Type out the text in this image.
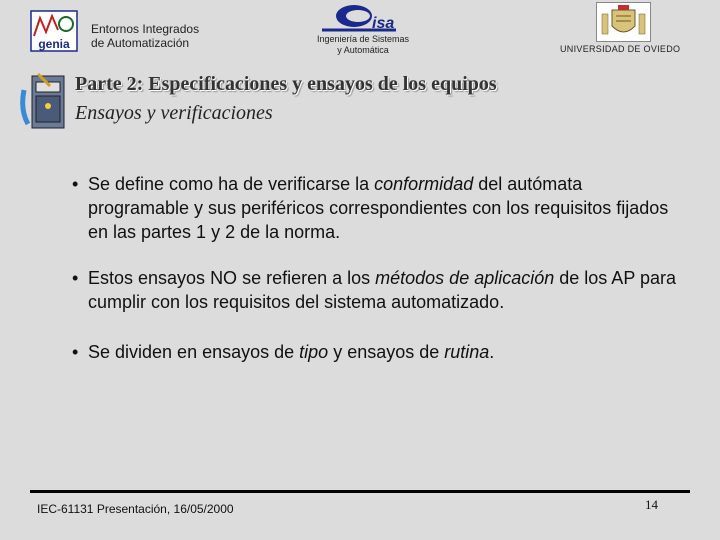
genia
Entornos Integrados
de Automatización
isa
Ingeniería de Sistemas
y Automática	UNIVERSIDAD DE OVIEDO
Parte 2: Especificaciones y ensayos de los equipos
Ensayos y verificaciones
• Se define como ha de verificarse la conformidad del autómata programable y sus periféricos correspondientes con los requisitos fijados en las partes 1 y 2 de la norma.
• Estos ensayos NO se refieren a los métodos de aplicación de los AP para cumplir con los requisitos del sistema automatizado.
• Se dividen en ensayos de tipo y ensayos de rutina.
IEC-61131 Presentación, 16/05/2000	14
